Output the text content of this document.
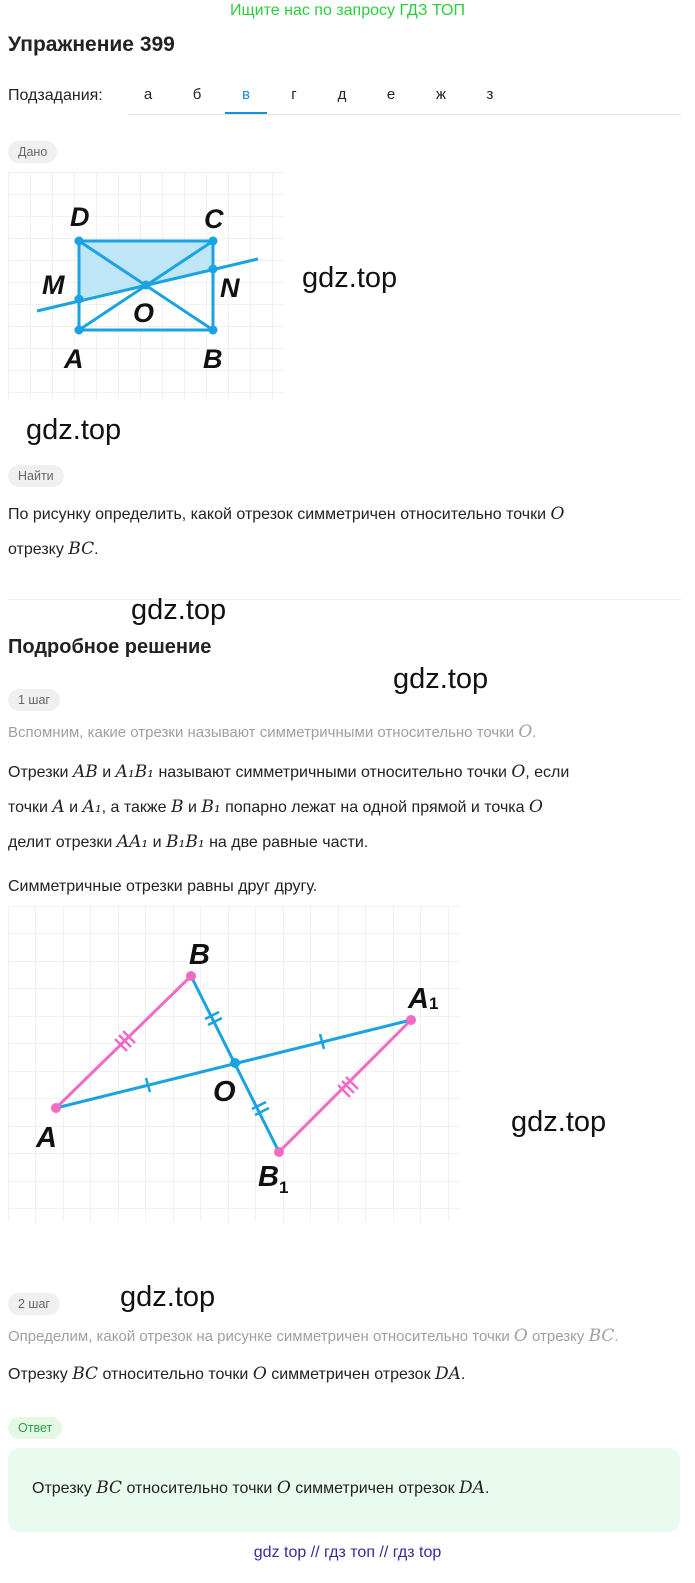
Ищите нас по запросу ГДЗ ТОП
Упражнение 399
Подзадания:	а	б	в	г	д	е	ж	з
Дано
D	C
M	N
O
A	B
gdz.top
gdz.top
Найти
По рисунку определить, какой отрезок симметричен относительно точки O
отрезку BC.
gdz.top
Подробное решение
gdz.top
1 шаг
Вспомним, какие отрезки называют симметричными относительно точки O.
Отрезки AB и A₁B₁ называют симметричными относительно точки O, если
точки A и A₁, а также B и B₁ попарно лежат на одной прямой и точка O
делит отрезки AA₁ и B₁B₁ на две равные части.
Симметричные отрезки равны друг другу.
B
A
O
B
A
1
1
gdz.top
2 шаг	gdz.top
Определим, какой отрезок на рисунке симметричен относительно точки O отрезку BC.
Отрезку BC относительно точки O симметричен отрезок DA.
Ответ
Отрезку BC относительно точки O симметричен отрезок DA.
gdz top // гдз топ // гдз top
